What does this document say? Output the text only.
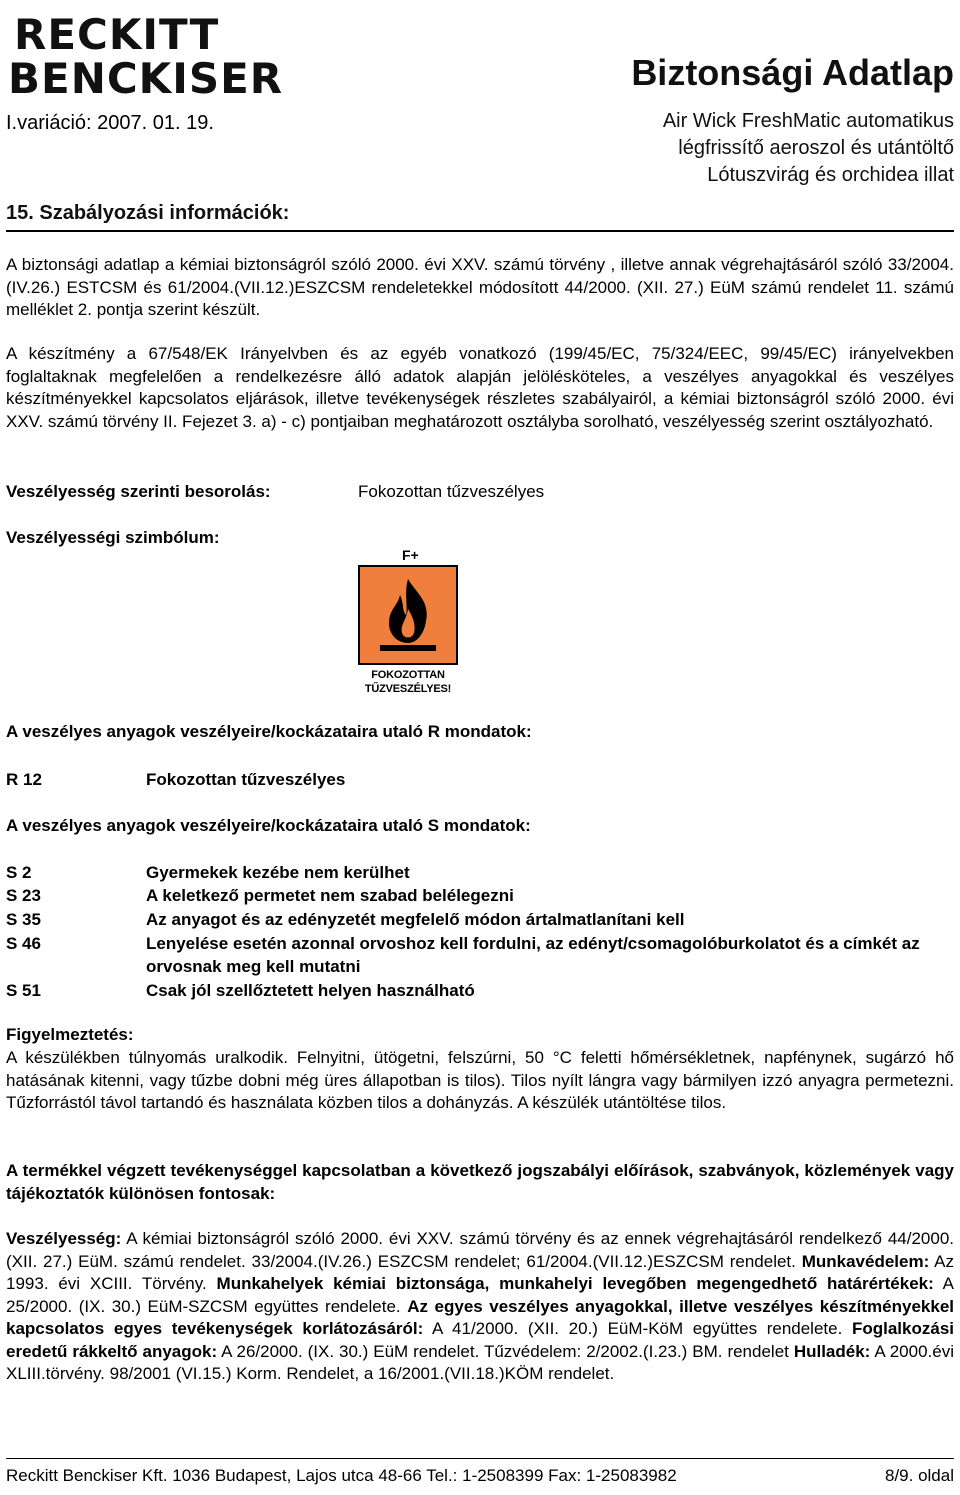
RECKITT
BENCKISER	Biztonsági Adatlap
I.variáció: 2007. 01. 19.	Air Wick FreshMatic automatikus
légfrissítő aeroszol és utántöltő
Lótuszvirág és orchidea illat
15. Szabályozási információk:
A biztonsági adatlap a kémiai biztonságról szóló 2000. évi XXV. számú törvény , illetve annak végrehajtásáról szóló 33/2004.(IV.26.) ESTCSM és 61/2004.(VII.12.)ESZCSM rendeletekkel módosított 44/2000. (XII. 27.) EüM számú rendelet 11. számú melléklet 2. pontja szerint készült.
A készítmény a 67/548/EK Irányelvben és az egyéb vonatkozó (199/45/EC, 75/324/EEC, 99/45/EC) irányelvekben foglaltaknak megfelelően a rendelkezésre álló adatok alapján jelölésköteles, a veszélyes anyagokkal és veszélyes készítményekkel kapcsolatos eljárások, illetve tevékenységek részletes szabályairól, a kémiai biztonságról szóló 2000. évi XXV. számú törvény II. Fejezet 3. a) - c) pontjaiban meghatározott osztályba sorolható, veszélyesség szerint osztályozható.
Veszélyesség szerinti besorolás:	Fokozottan tűzveszélyes
Veszélyességi szimbólum:
F+
FOKOZOTTAN
TŰZVESZÉLYES!
A veszélyes anyagok veszélyeire/kockázataira utaló R mondatok:
R 12	Fokozottan tűzveszélyes
A veszélyes anyagok veszélyeire/kockázataira utaló S mondatok:
S 2	Gyermekek kezébe nem kerülhet
S 23	A keletkező permetet nem szabad belélegezni
S 35	Az anyagot és az edényzetét megfelelő módon ártalmatlanítani kell
S 46	Lenyelése esetén azonnal orvoshoz kell fordulni, az edényt/csomagolóburkolatot és a címkét az orvosnak meg kell mutatni
S 51	Csak jól szellőztetett helyen használható
Figyelmeztetés:
A készülékben túlnyomás uralkodik. Felnyitni, ütögetni, felszúrni, 50 °C feletti hőmérsékletnek, napfénynek, sugárzó hő hatásának kitenni, vagy tűzbe dobni még üres állapotban is tilos). Tilos nyílt lángra vagy bármilyen izzó anyagra permetezni. Tűzforrástól távol tartandó és használata közben tilos a dohányzás. A készülék utántöltése tilos.
A termékkel végzett tevékenységgel kapcsolatban a következő jogszabályi előírások, szabványok, közlemények vagy tájékoztatók különösen fontosak:
Veszélyesség: A kémiai biztonságról szóló 2000. évi XXV. számú törvény és az ennek végrehajtásáról rendelkező 44/2000. (XII. 27.) EüM. számú rendelet. 33/2004.(IV.26.) ESZCSM rendelet; 61/2004.(VII.12.)ESZCSM rendelet. Munkavédelem: Az 1993. évi XCIII. Törvény. Munkahelyek kémiai biztonsága, munkahelyi levegőben megengedhető határértékek: A 25/2000. (IX. 30.) EüM-SZCSM együttes rendelete. Az egyes veszélyes anyagokkal, illetve veszélyes készítményekkel kapcsolatos egyes tevékenységek korlátozásáról: A 41/2000. (XII. 20.) EüM-KöM együttes rendelete. Foglalkozási eredetű rákkeltő anyagok: A 26/2000. (IX. 30.) EüM rendelet. Tűzvédelem: 2/2002.(I.23.) BM. rendelet Hulladék: A 2000.évi XLIII.törvény. 98/2001 (VI.15.) Korm. Rendelet, a 16/2001.(VII.18.)KÖM rendelet.
Reckitt Benckiser Kft. 1036 Budapest, Lajos utca 48-66 Tel.: 1-2508399 Fax: 1-25083982	8/9. oldal
